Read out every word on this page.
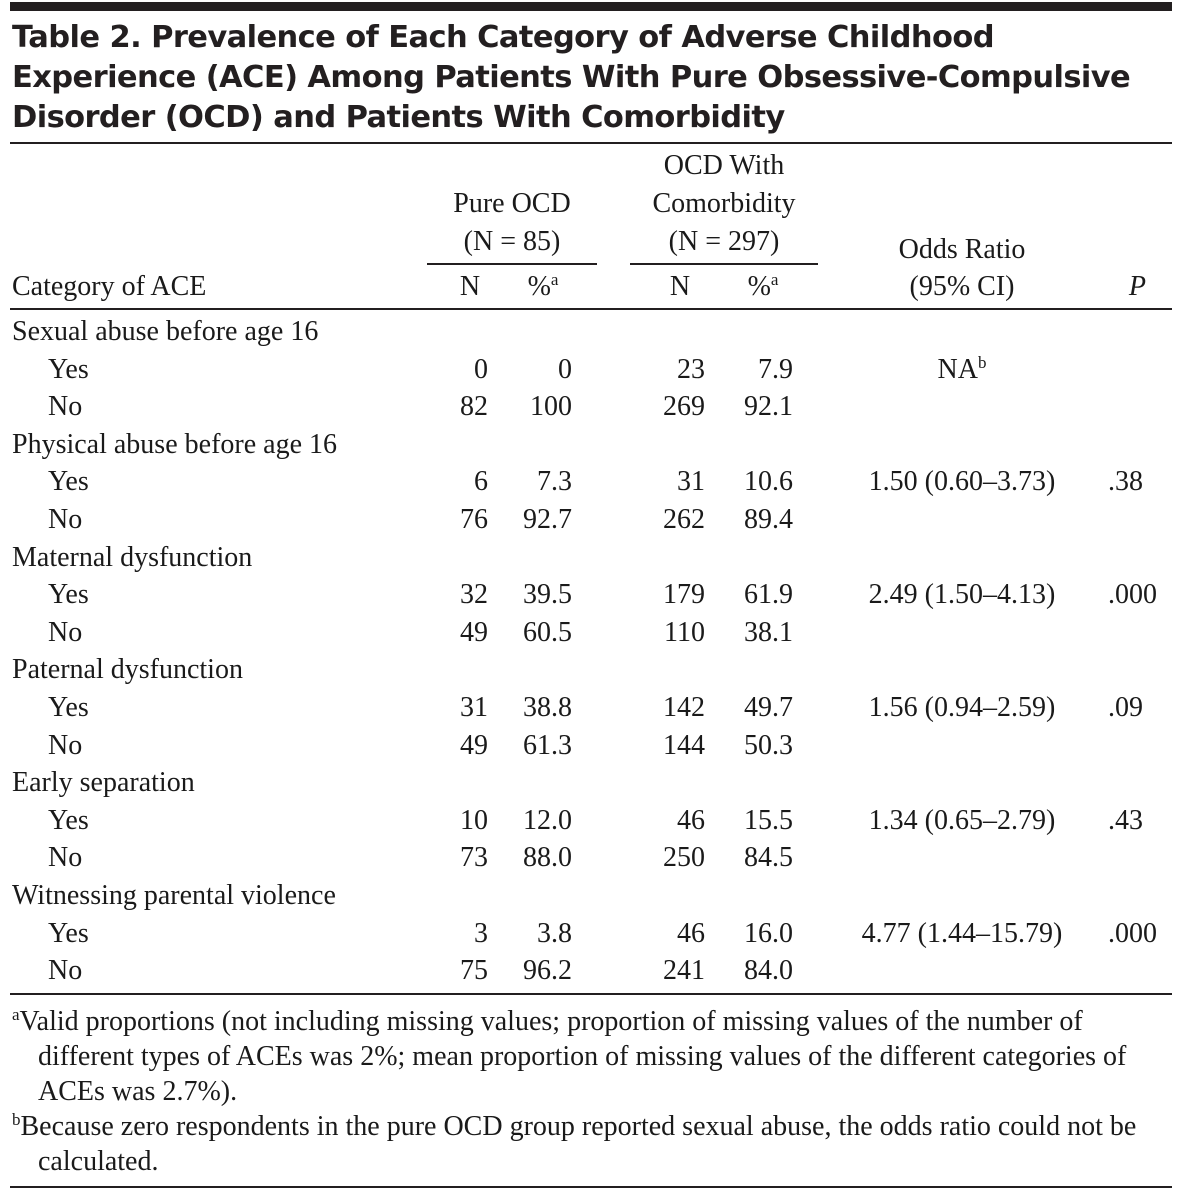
Table 2. Prevalence of Each Category of Adverse Childhood Experience (ACE) Among Patients With Pure Obsessive-Compulsive Disorder (OCD) and Patients With Comorbidity
Pure OCD
(N = 85)
OCD With
Comorbidity
(N = 297)	Odds Ratio
(95% CI)
Category of ACE	N	%$^a$	N	%$^a$	P
Sexual abuse before age 16
Yes	0	0	23	7.9	$NA^b$
No	82	100	269	92.1
Physical abuse before age 16
Yes	6	7.3	31	10.6	1.50 (0.60–3.73)	.38
No	76	92.7	262	89.4
Maternal dysfunction
Yes	32	39.5	179	61.9	2.49 (1.50–4.13)	.000
No	49	60.5	110	38.1
Paternal dysfunction
Yes	31	38.8	142	49.7	1.56 (0.94–2.59)	.09
No	49	61.3	144	50.3
Early separation
Yes	10	12.0	46	15.5	1.34 (0.65–2.79)	.43
No	73	88.0	250	84.5
Witnessing parental violence
Yes	3	3.8	46	16.0	4.77 (1.44–15.79)	.000
No	75	96.2	241	84.0
$^a$Valid proportions (not including missing values; proportion of missing values of the number of different types of ACEs was 2%; mean proportion of missing values of the different categories of ACEs was 2.7%).
$^b$Because zero respondents in the pure OCD group reported sexual abuse, the odds ratio could not be calculated.
